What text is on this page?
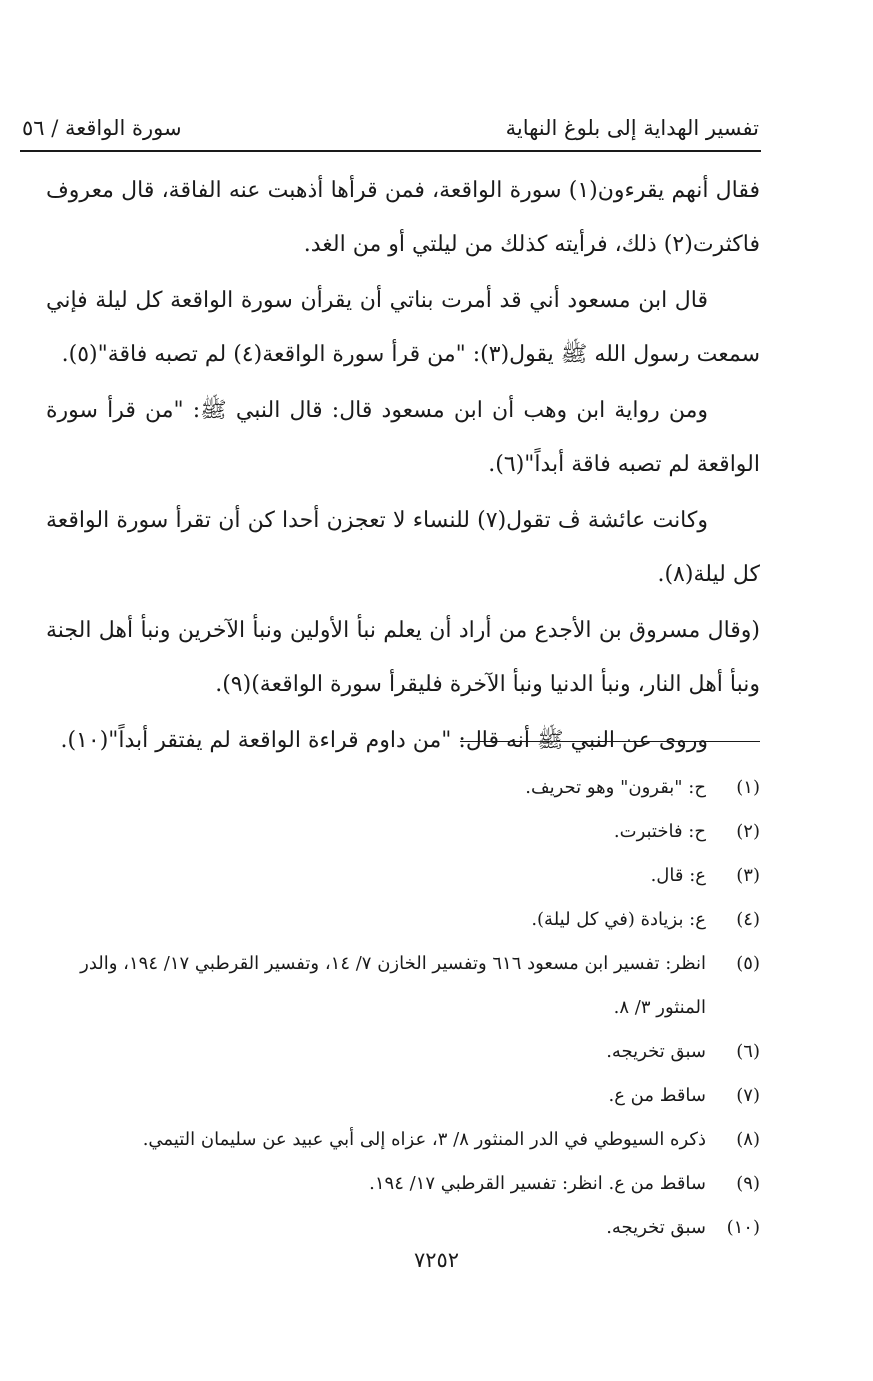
تفسير الهداية إلى بلوغ النهاية
سورة الواقعة / ٥٦

فقال أنهم يقرءون(١) سورة الواقعة، فمن قرأها أذهبت عنه الفاقة، قال معروف فاكثرت(٢) ذلك، فرأيته كذلك من ليلتي أو من الغد.

قال ابن مسعود أني قد أمرت بناتي أن يقرأن سورة الواقعة كل ليلة فإني سمعت رسول الله ﷺ يقول(٣): "من قرأ سورة الواقعة(٤) لم تصبه فاقة"(٥).

ومن رواية ابن وهب أن ابن مسعود قال: قال النبي ﷺ: "من قرأ سورة الواقعة لم تصبه فاقة أبداً"(٦).

وكانت عائشة ڤ تقول(٧) للنساء لا تعجزن أحدا كن أن تقرأ سورة الواقعة كل ليلة(٨).

(وقال مسروق بن الأجدع من أراد أن يعلم نبأ الأولين ونبأ الآخرين ونبأ أهل الجنة ونبأ أهل النار، ونبأ الدنيا ونبأ الآخرة فليقرأ سورة الواقعة)(٩).

وروى عن النبي ﷺ أنه قال: "من داوم قراءة الواقعة لم يفتقر أبداً"(١٠).

(١)
ح: "بقرون" وهو تحريف.
(٢)
ح: فاختبرت.
(٣)
ع: قال.
(٤)
ع: بزيادة (في كل ليلة).
(٥)
انظر: تفسير ابن مسعود ٦١٦ وتفسير الخازن ٧/ ١٤، وتفسير القرطبي ١٧/ ١٩٤، والدر المنثور ٣/ ٨.
(٦)
سبق تخريجه.
(٧)
ساقط من ع.
(٨)
ذكره السيوطي في الدر المنثور ٨/ ٣، عزاه إلى أبي عبيد عن سليمان التيمي.
(٩)
ساقط من ع. انظر: تفسير القرطبي ١٧/ ١٩٤.
(١٠)
سبق تخريجه.
٧٢٥٢
